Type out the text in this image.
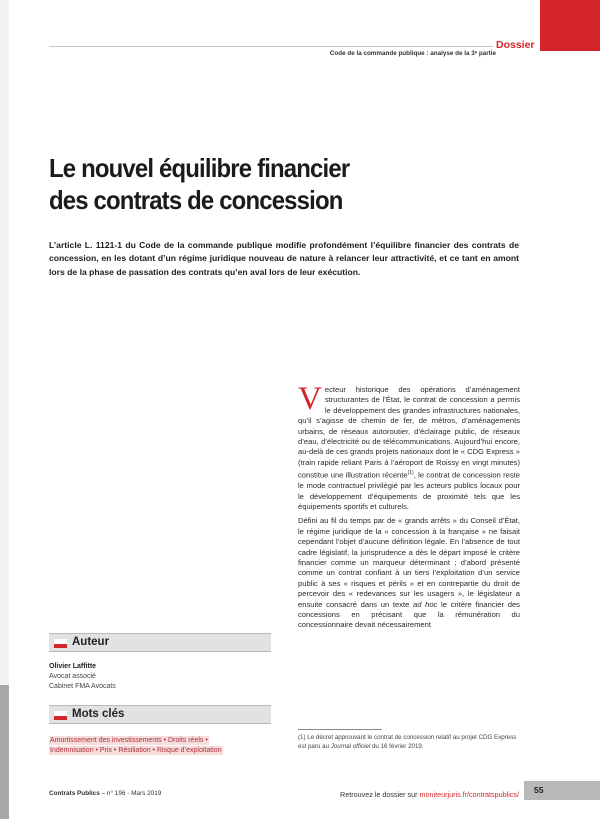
Dossier
Code de la commande publique : analyse de la 3ᵉ partie
Le nouvel équilibre financier
des contrats de concession

L’article L. 1121-1 du Code de la commande publique modifie profondément l’équilibre financier des contrats de concession, en les dotant d’un régime juridique nouveau de nature à relancer leur attractivité, et ce tant en amont lors de la phase de passation des contrats qu’en aval lors de leur exécution.

Vecteur historique des opérations d’aménagement structurantes de l’État, le contrat de concession a permis le développement des grandes infrastructures nationales, qu’il s’agisse de chemin de fer, de métros, d’aménagements urbains, de réseaux autoroutier, d’éclairage public, de réseaux d’eau, d’électricité ou de télécommunications. Aujourd’hui encore, au-delà de ces grands projets nationaux dont le « CDG Express » (train rapide reliant Paris à l’aéroport de Roissy en vingt minutes) constitue une illustration récente$^{(1)}$, le contrat de concession reste le mode contractuel privilégié par les acteurs publics locaux pour le développement d’équipements de proximité tels que les équipements sportifs et culturels.

Défini au fil du temps par de « grands arrêts » du Conseil d’État, le régime juridique de la « concession à la française » ne faisait cependant l’objet d’aucune définition légale. En l’absence de tout cadre législatif, la jurisprudence a dès le départ imposé le critère financier comme un marqueur déterminant ; d’abord présenté comme un contrat confiant à un tiers l’exploitation d’un service public à ses « risques et périls » et en contrepartie du droit de percevoir des « redevances sur les usagers », le législateur a ensuite consacré dans un texte ad hoc le critère financier des concessions en précisant que la rémunération du concessionnaire devait nécessairement

Auteur
Olivier Laffitte
Avocat associé
Cabinet FMA Avocats
Mots clés
Amortissement des investissements • Droits réels •
Indemnisation • Prix • Résiliation • Risque d’exploitation

(1) Le décret approuvant le contrat de concession relatif au projet CDG Express est paru au Journal officiel du 16 février 2019.

Contrats Publics – n° 196 - Mars 2019	Retrouvez le dossier sur moniteurjuris.fr/contratspublics/ 55
